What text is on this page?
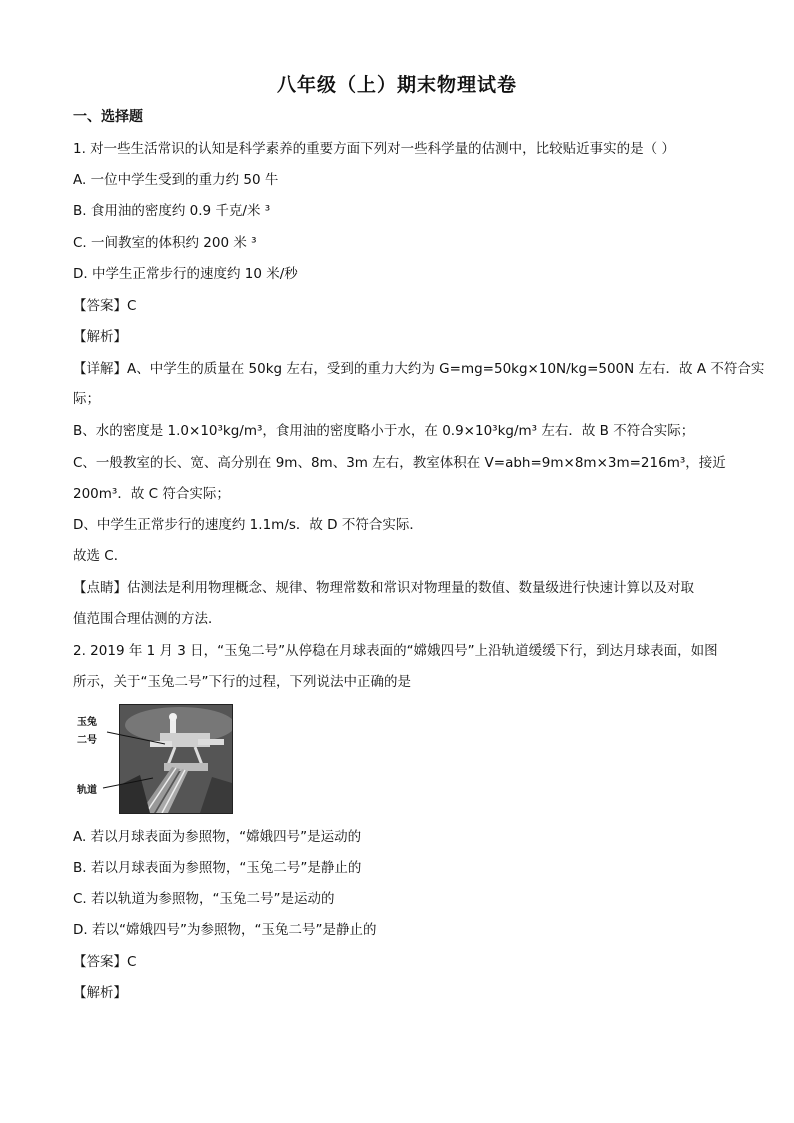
八年级（上）期末物理试卷
一、选择题
1. 对一些生活常识的认知是科学素养的重要方面下列对一些科学量的估测中，比较贴近事实的是（ ）
A. 一位中学生受到的重力约 50 牛
B. 食用油的密度约 0.9 千克/米 ³
C. 一间教室的体积约 200 米 ³
D. 中学生正常步行的速度约 10 米/秒
【答案】C
【解析】
【详解】A、中学生的质量在 50kg 左右，受到的重力大约为 G=mg=50kg×10N/kg=500N 左右．故 A 不符合实
际；
B、水的密度是 1.0×10³kg/m³，食用油的密度略小于水，在 0.9×10³kg/m³ 左右．故 B 不符合实际；
C、一般教室的长、宽、高分别在 9m、8m、3m 左右，教室体积在 V=abh=9m×8m×3m=216m³，接近
200m³．故 C 符合实际；
D、中学生正常步行的速度约 1.1m/s．故 D 不符合实际．
故选 C．
【点睛】估测法是利用物理概念、规律、物理常数和常识对物理量的数值、数量级进行快速计算以及对取
值范围合理估测的方法．
2. 2019 年 1 月 3 日，“玉兔二号”从停稳在月球表面的“嫦娥四号”上沿轨道缓缓下行，到达月球表面，如图
所示，关于“玉兔二号”下行的过程，下列说法中正确的是
玉兔
二号
轨道
A. 若以月球表面为参照物，“嫦娥四号”是运动的
B. 若以月球表面为参照物，“玉兔二号”是静止的
C. 若以轨道为参照物，“玉兔二号”是运动的
D. 若以“嫦娥四号”为参照物，“玉兔二号”是静止的
【答案】C
【解析】
